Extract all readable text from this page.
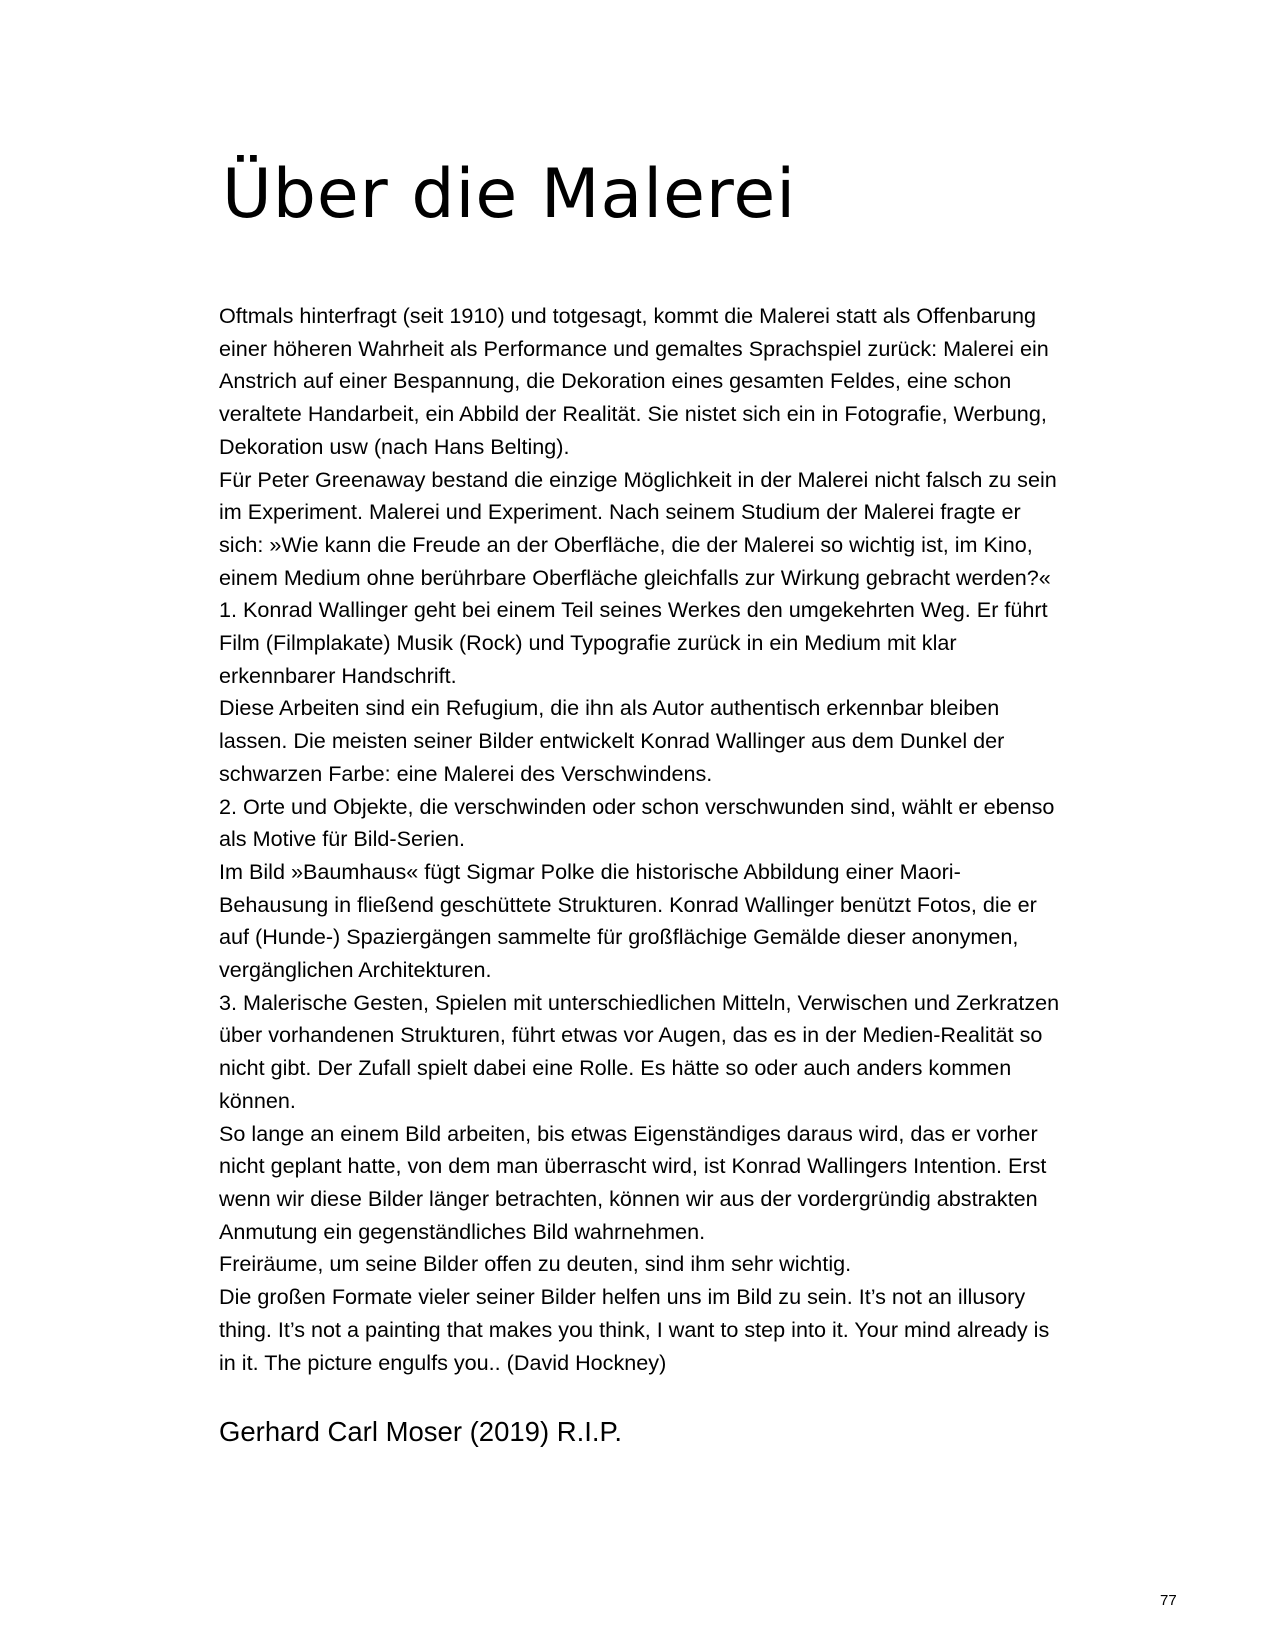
Über die Malerei

Oftmals hinterfragt (seit 1910) und totgesagt, kommt die Malerei statt als Offenbarung

einer höheren Wahrheit als Performance und gemaltes Sprachspiel zurück: Malerei ein

Anstrich auf einer Bespannung, die Dekoration eines gesamten Feldes, eine schon

veraltete Handarbeit, ein Abbild der Realität. Sie nistet sich ein in Fotografie, Werbung,

Dekoration usw (nach Hans Belting).

Für Peter Greenaway bestand die einzige Möglichkeit in der Malerei nicht falsch zu sein

im Experiment. Malerei und Experiment. Nach seinem Studium der Malerei fragte er

sich: »Wie kann die Freude an der Oberfläche, die der Malerei so wichtig ist, im Kino,

einem Medium ohne berührbare Oberfläche gleichfalls zur Wirkung gebracht werden?«

1. Konrad Wallinger geht bei einem Teil seines Werkes den umgekehrten Weg. Er führt

Film (Filmplakate) Musik (Rock) und Typografie zurück in ein Medium mit klar

erkennbarer Handschrift.

Diese Arbeiten sind ein Refugium, die ihn als Autor authentisch erkennbar bleiben

lassen. Die meisten seiner Bilder entwickelt Konrad Wallinger aus dem Dunkel der

schwarzen Farbe: eine Malerei des Verschwindens.

2. Orte und Objekte, die verschwinden oder schon verschwunden sind, wählt er ebenso

als Motive für Bild-Serien.

Im Bild »Baumhaus« fügt Sigmar Polke die historische Abbildung einer Maori-

Behausung in fließend geschüttete Strukturen. Konrad Wallinger benützt Fotos, die er

auf (Hunde-) Spaziergängen sammelte für großflächige Gemälde dieser anonymen,

vergänglichen Architekturen.

3. Malerische Gesten, Spielen mit unterschiedlichen Mitteln, Verwischen und Zerkratzen

über vorhandenen Strukturen, führt etwas vor Augen, das es in der Medien-Realität so

nicht gibt. Der Zufall spielt dabei eine Rolle. Es hätte so oder auch anders kommen

können.

So lange an einem Bild arbeiten, bis etwas Eigenständiges daraus wird, das er vorher

nicht geplant hatte, von dem man überrascht wird, ist Konrad Wallingers Intention. Erst

wenn wir diese Bilder länger betrachten, können wir aus der vordergründig abstrakten

Anmutung ein gegenständliches Bild wahrnehmen.

Freiräume, um seine Bilder offen zu deuten, sind ihm sehr wichtig.

Die großen Formate vieler seiner Bilder helfen uns im Bild zu sein. It’s not an illusory

thing. It’s not a painting that makes you think, I want to step into it. Your mind already is

in it. The picture engulfs you.. (David Hockney)

Gerhard Carl Moser (2019) R.I.P.

77
